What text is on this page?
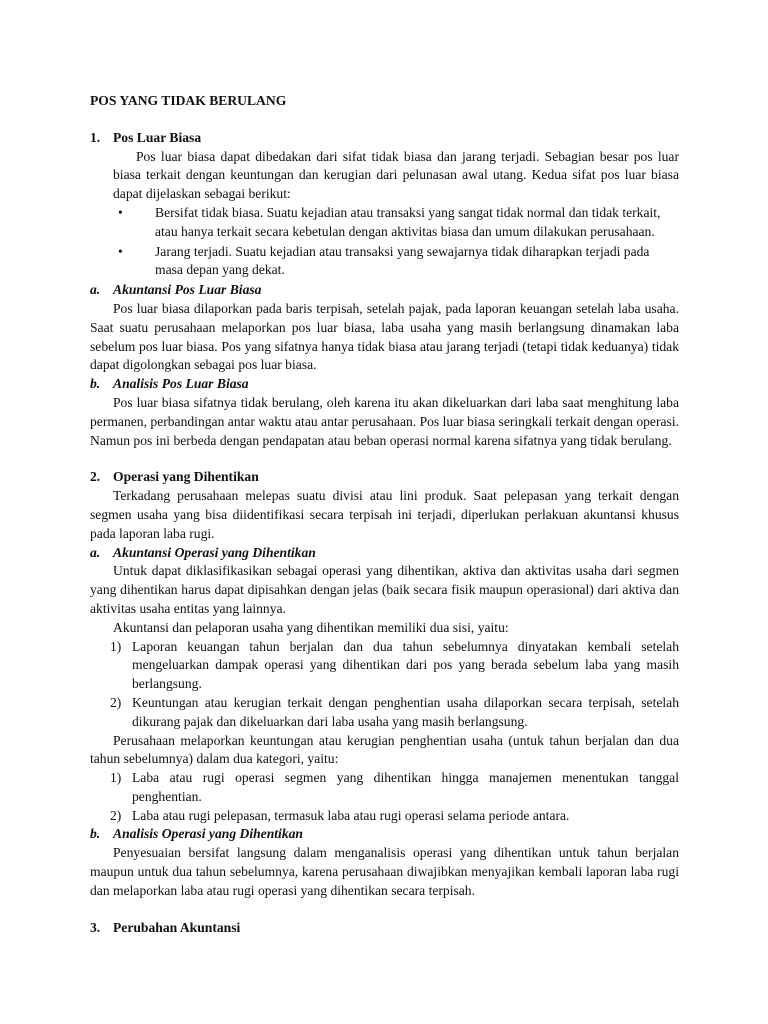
POS YANG TIDAK BERULANG

1. Pos Luar Biasa

Pos luar biasa dapat dibedakan dari sifat tidak biasa dan jarang terjadi. Sebagian besar pos luar biasa terkait dengan keuntungan dan kerugian dari pelunasan awal utang. Kedua sifat pos luar biasa dapat dijelaskan sebagai berikut:

• Bersifat tidak biasa. Suatu kejadian atau transaksi yang sangat tidak normal dan tidak terkait, atau hanya terkait secara kebetulan dengan aktivitas biasa dan umum dilakukan perusahaan.
• Jarang terjadi. Suatu kejadian atau transaksi yang sewajarnya tidak diharapkan terjadi pada masa depan yang dekat.

a. Akuntansi Pos Luar Biasa

Pos luar biasa dilaporkan pada baris terpisah, setelah pajak, pada laporan keuangan setelah laba usaha. Saat suatu perusahaan melaporkan pos luar biasa, laba usaha yang masih berlangsung dinamakan laba sebelum pos luar biasa. Pos yang sifatnya hanya tidak biasa atau jarang terjadi (tetapi tidak keduanya) tidak dapat digolongkan sebagai pos luar biasa.

b. Analisis Pos Luar Biasa

Pos luar biasa sifatnya tidak berulang, oleh karena itu akan dikeluarkan dari laba saat menghitung laba permanen, perbandingan antar waktu atau antar perusahaan. Pos luar biasa seringkali terkait dengan operasi. Namun pos ini berbeda dengan pendapatan atau beban operasi normal karena sifatnya yang tidak berulang.

2. Operasi yang Dihentikan

Terkadang perusahaan melepas suatu divisi atau lini produk. Saat pelepasan yang terkait dengan segmen usaha yang bisa diidentifikasi secara terpisah ini terjadi, diperlukan perlakuan akuntansi khusus pada laporan laba rugi.

a. Akuntansi Operasi yang Dihentikan

Untuk dapat diklasifikasikan sebagai operasi yang dihentikan, aktiva dan aktivitas usaha dari segmen yang dihentikan harus dapat dipisahkan dengan jelas (baik secara fisik maupun operasional) dari aktiva dan aktivitas usaha entitas yang lainnya.

Akuntansi dan pelaporan usaha yang dihentikan memiliki dua sisi, yaitu:

1) Laporan keuangan tahun berjalan dan dua tahun sebelumnya dinyatakan kembali setelah mengeluarkan dampak operasi yang dihentikan dari pos yang berada sebelum laba yang masih berlangsung.
2) Keuntungan atau kerugian terkait dengan penghentian usaha dilaporkan secara terpisah, setelah dikurang pajak dan dikeluarkan dari laba usaha yang masih berlangsung.

Perusahaan melaporkan keuntungan atau kerugian penghentian usaha (untuk tahun berjalan dan dua tahun sebelumnya) dalam dua kategori, yaitu:

1) Laba atau rugi operasi segmen yang dihentikan hingga manajemen menentukan tanggal penghentian.
2) Laba atau rugi pelepasan, termasuk laba atau rugi operasi selama periode antara.

b. Analisis Operasi yang Dihentikan

Penyesuaian bersifat langsung dalam menganalisis operasi yang dihentikan untuk tahun berjalan maupun untuk dua tahun sebelumnya, karena perusahaan diwajibkan menyajikan kembali laporan laba rugi dan melaporkan laba atau rugi operasi yang dihentikan secara terpisah.

3. Perubahan Akuntansi
